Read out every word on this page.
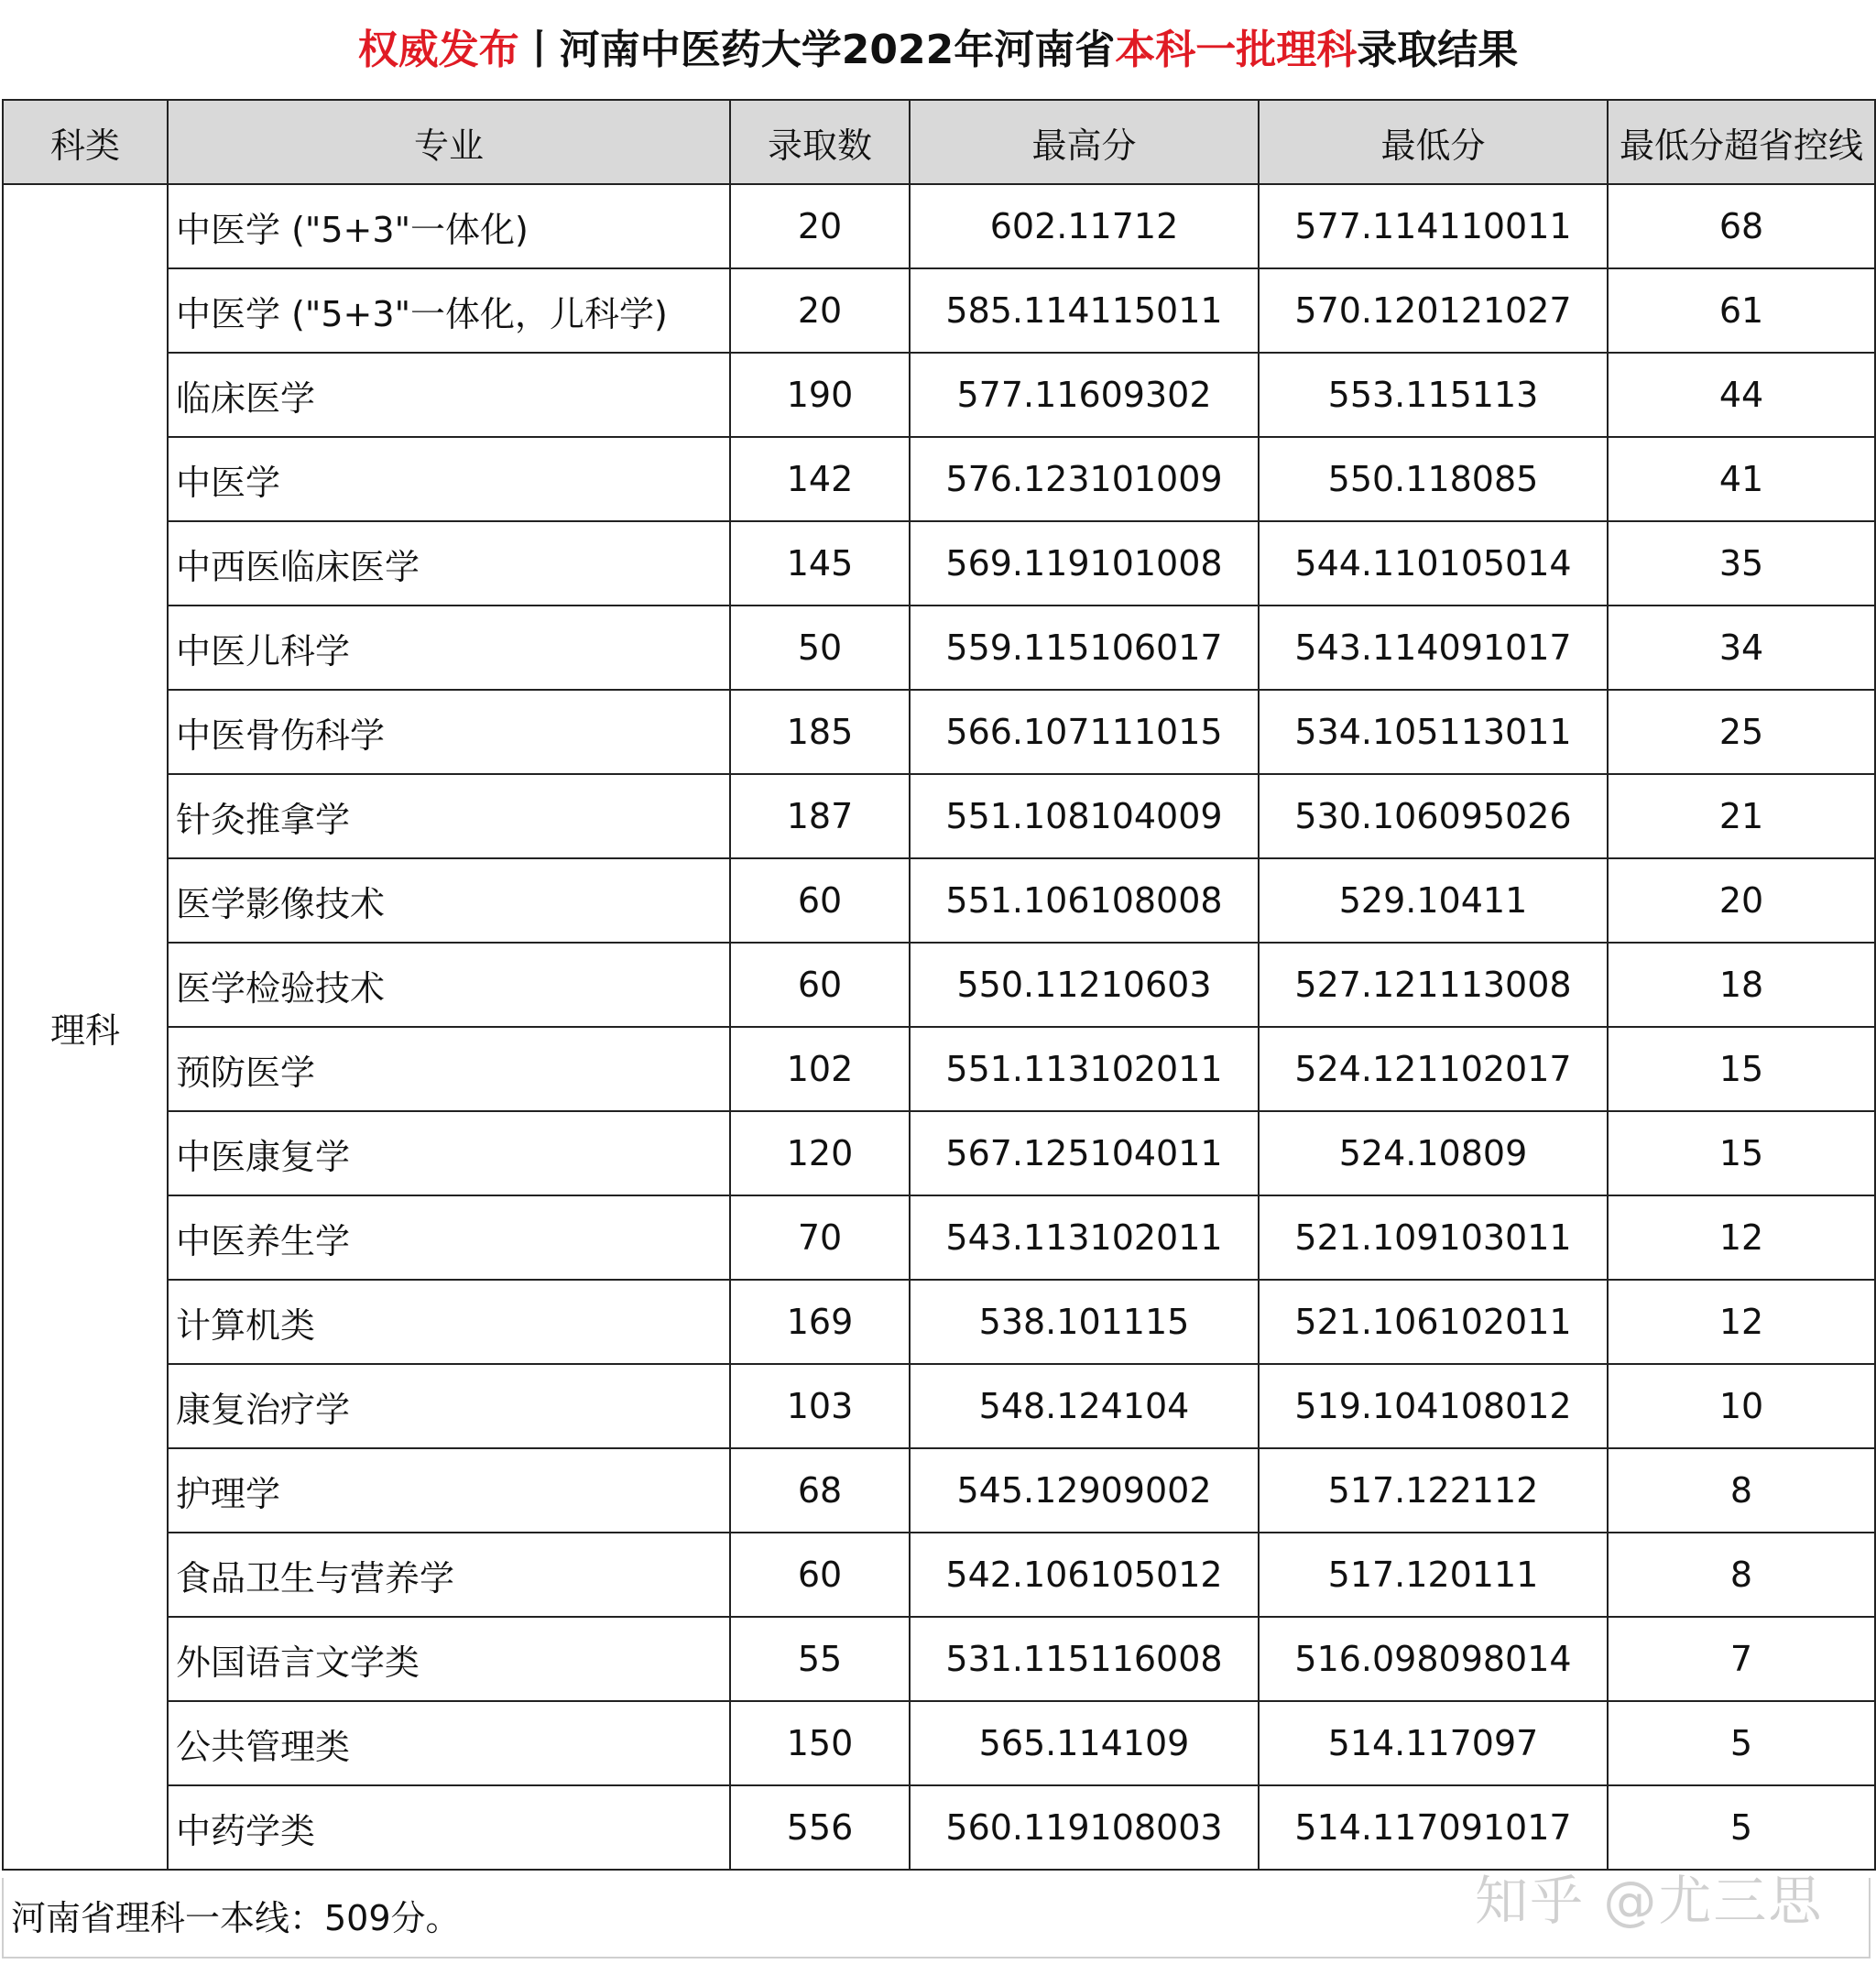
权威发布丨河南中医药大学2022年河南省本科一批理科录取结果
科类	专业	录取数	最高分	最低分	最低分超省控线
理科	中医学 ("5+3"一体化)	20	602.11712	577.114110011	68
	中医学 ("5+3"一体化，儿科学)	20	585.114115011	570.120121027	61
	临床医学	190	577.11609302	553.115113	44
	中医学	142	576.123101009	550.118085	41
	中西医临床医学	145	569.119101008	544.110105014	35
	中医儿科学	50	559.115106017	543.114091017	34
	中医骨伤科学	185	566.107111015	534.105113011	25
	针灸推拿学	187	551.108104009	530.106095026	21
	医学影像技术	60	551.106108008	529.10411	20
	医学检验技术	60	550.11210603	527.121113008	18
	预防医学	102	551.113102011	524.121102017	15
	中医康复学	120	567.125104011	524.10809	15
	中医养生学	70	543.113102011	521.109103011	12
	计算机类	169	538.101115	521.106102011	12
	康复治疗学	103	548.124104	519.104108012	10
	护理学	68	545.12909002	517.122112	8
	食品卫生与营养学	60	542.106105012	517.120111	8
	外国语言文学类	55	531.115116008	516.098098014	7
	公共管理类	150	565.114109	514.117097	5
	中药学类	556	560.119108003	514.117091017	5
河南省理科一本线：509分。	知乎 @尤三思
